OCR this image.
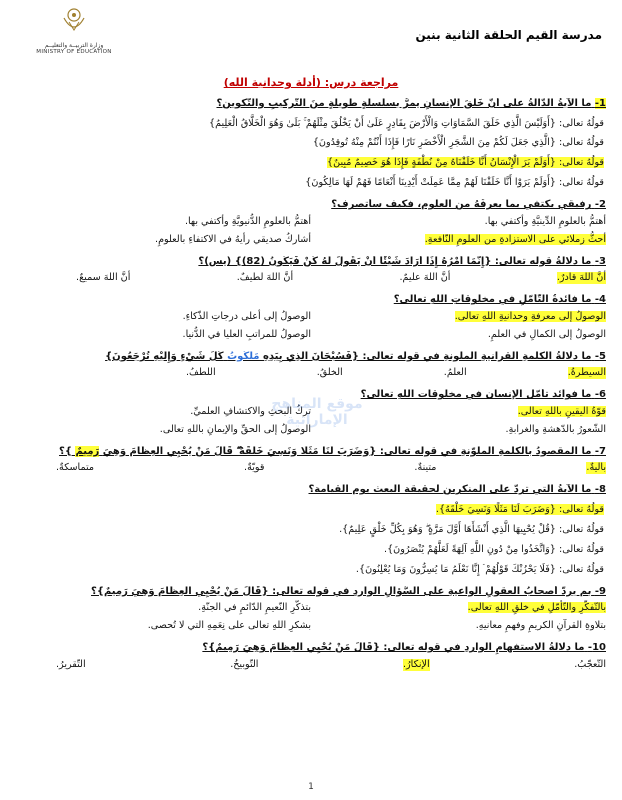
مدرسة القيم الحلقة الثانية بنين
وزارة التربيــة والتعليــم
MINISTRY OF EDUCATION
مراجعة درس: (أدلة وحدانية الله)
1- ما الآيةُ الدّالَّةُ على أنَّ خَلْقَ الإنسانِ يمرُّ بسلسلةٍ طويلةٍ منَ التّركيبِ والتّكوين؟
قولُهُ تعالى: {أَوَلَيْسَ الَّذِي خَلَقَ السَّمَاوَاتِ وَالْأَرْضَ بِقَادِرٍ عَلَىٰ أَنْ يَخْلُقَ مِثْلَهُمْ ۚ بَلَىٰ وَهُوَ الْخَلَّاقُ الْعَلِيمُ}
قولُهُ تعالى: {الَّذِي جَعَلَ لَكُمْ مِنَ الشَّجَرِ الْأَخْضَرِ نَارًا فَإِذَا أَنْتُمْ مِنْهُ تُوقِدُونَ}
قولُهُ تعالى: {أَوَلَمْ يَرَ الْإِنْسَانُ أَنَّا خَلَقْنَاهُ مِنْ نُطْفَةٍ فَإِذَا هُوَ خَصِيمٌ مُبِينٌ}
قولُهُ تعالى: {أَوَلَمْ يَرَوْا أَنَّا خَلَقْنَا لَهُمْ مِمَّا عَمِلَتْ أَيْدِينَا أَنْعَامًا فَهُمْ لَهَا مَالِكُونَ}
2- رفيقي يكتفي بما يعرفُهُ من العلوم، فكيف سأتصرف؟
أهتمُّ بالعلومِ الدِّينيَّةِ وأكتفي بها.
أهتمُّ بالعلومِ الدُّنيويَّةِ وأكتفي بها.
أحثُّ زملائي على الاستزادةِ من العلومِ النّافعةِ.
أشاركُ صديقي رأيهُ في الاكتفاءِ بالعلومِ.
3- ما دلالةُ قوله تعالى: {إِنَّمَا أَمْرُهُ إِذَا أَرَادَ شَيْئًا أَنْ يَقُولَ لَهُ كُنْ فَيَكُونُ (82)} (يس)؟
أنَّ اللهَ قادرٌ.
أنَّ اللهَ عليمٌ.
أنَّ اللهَ لطيفٌ.
أنَّ اللهَ سميعٌ.
4- ما فائدةُ التّأمّلِ في مخلوقاتِ اللهِ تعالى؟
الوصولُ إلى معرفةِ وحدانيةِ اللهِ تعالى.
الوصولُ إلى أعلى درجاتِ الذّكاءِ.
الوصولُ إلى الكمالِ في العلمِ.
الوصولُ للمراتبِ العليا في الدُّنيا.
5- ما دلالةُ الكلمةِ القرآنيةِ الملونةِ في قوله تعالى: {فَسُبْحَانَ الَّذِي بِيَدِهِ مَلَكُوتُ كُلِّ شَيْءٍ وَإِلَيْهِ تُرْجَعُونَ}
السيطرةُ.
العلمُ.
الخلقُ.
اللطفُ.
6- ما فوائد تأمّل الإنسان في مخلوقات اللهِ تعالى؟
قوّةُ اليقينِ باللهِ تعالى.
تركُ البحثِ والاكتشافِ العلميِّ.
الشّعورُ بالدّهشةِ والغرابةِ.
الوصولُ إلى الحقِّ والإيمانِ باللهِ تعالى.
7- ما المقصودُ بالكلمةِ الملوّنةِ في قوله تعالى: {وَضَرَبَ لَنَا مَثَلًا وَنَسِيَ خَلْقَهُ ۖ قَالَ مَنْ يُحْيِي الْعِظَامَ وَهِيَ رَمِيمٌ }؟
باليةٌ.
متينةٌ.
قويّةٌ.
متماسكةٌ.
8- ما الآيةُ التي تردُّ على المنكرين لحقيقة البعث يوم القيامة؟
قولُهُ تعالى: {وَضَرَبَ لَنَا مَثَلًا وَنَسِيَ خَلْقَهُ}.
قولُهُ تعالى: {قُلْ يُحْيِيهَا الَّذِي أَنْشَأَهَا أَوَّلَ مَرَّةٍ ۖ وَهُوَ بِكُلِّ خَلْقٍ عَلِيمٌ}.
قولُهُ تعالى: {وَاتَّخَذُوا مِنْ دُونِ اللَّهِ آلِهَةً لَعَلَّهُمْ يُنْصَرُونَ}.
قولُهُ تعالى: {فَلَا يَحْزُنْكَ قَوْلُهُمْ ۘ إِنَّا نَعْلَمُ مَا يُسِرُّونَ وَمَا يُعْلِنُونَ}.
9- بم يردُّ أصحابُ العقولِ الواعيةِ على السُّؤالِ الواردِ في قوله تعالى: {قَالَ مَنْ يُحْيِي الْعِظَامَ وَهِيَ رَمِيمٌ}؟
بالتّفكّرِ والتّأمّلِ في خلقِ اللهِ تعالى.
بتذكّرِ النّعيمِ الدّائمِ في الجنّةِ.
بتلاوةِ القرآنِ الكريمِ وفهمِ معانيهِ.
بشكرِ اللهِ تعالى على نِعَمِهِ التي لا تُحصى.
10- ما دلالةُ الاستفهامِ الواردِ في قوله تعالى: {قَالَ مَنْ يُحْيِي الْعِظَامَ وَهِيَ رَمِيمٌ}؟
التّعجّبُ.
الإنكارُ.
التّوبيخُ.
التّقريرُ.
موقع المناهج الإماراتية
1
